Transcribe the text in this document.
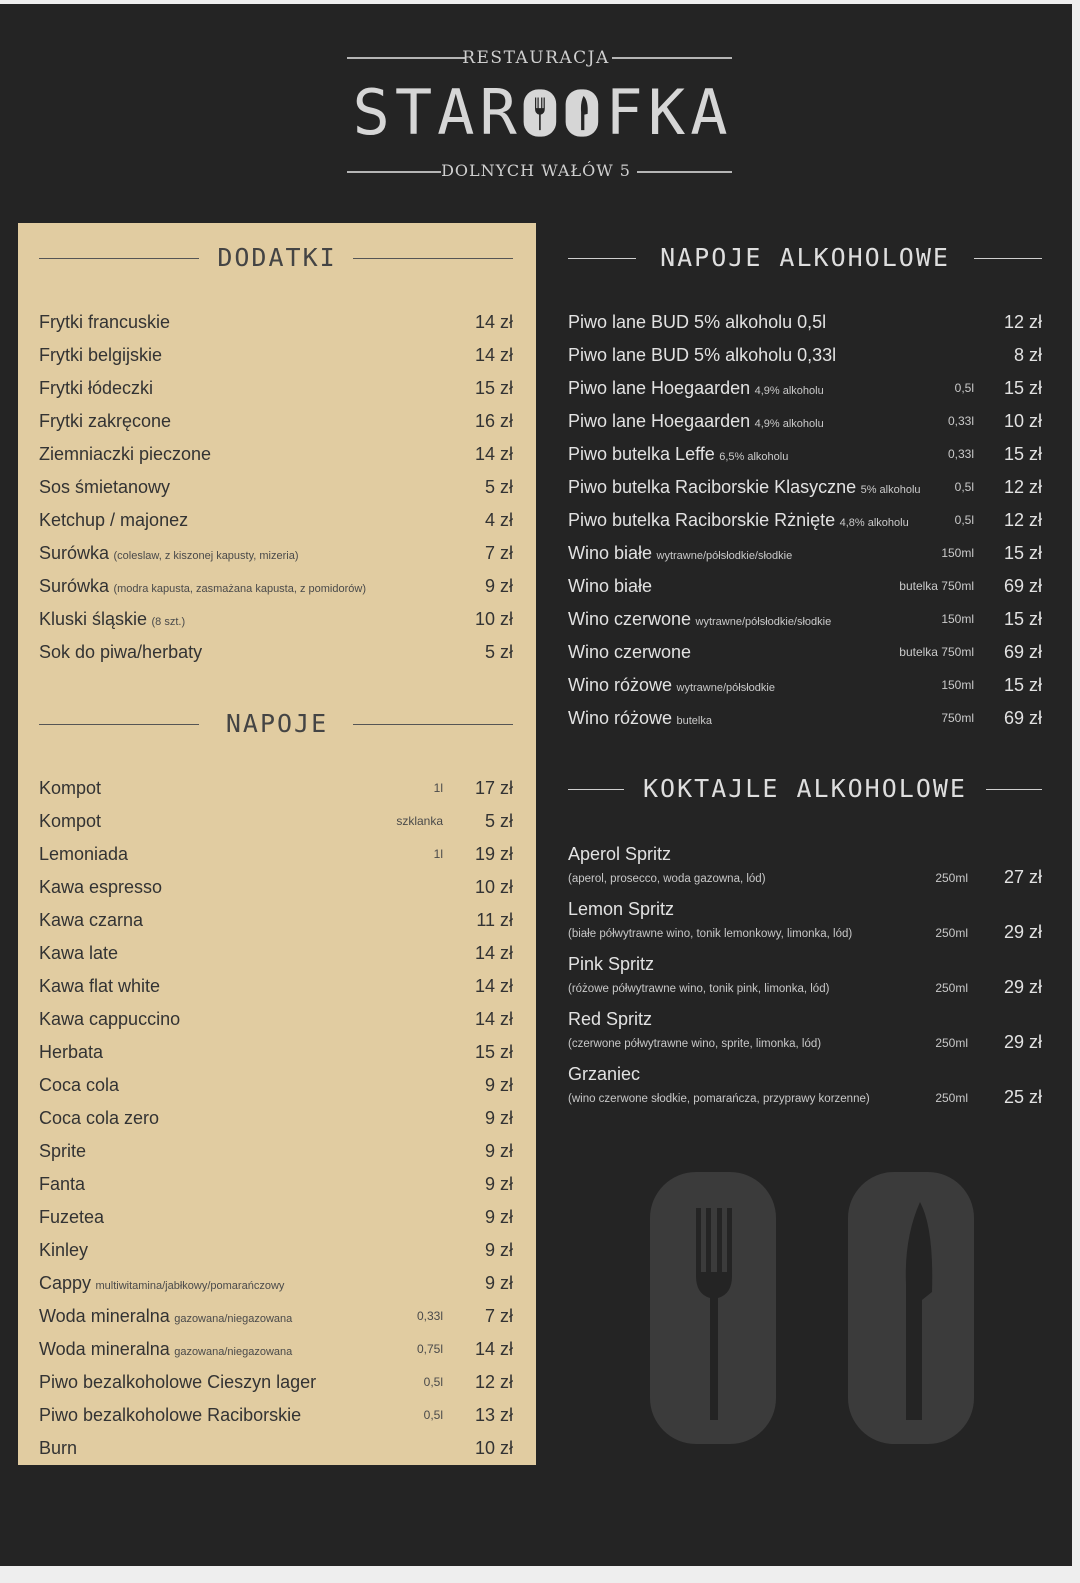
RESTAURACJA
S T A R F K A
DOLNYCH WAŁÓW 5
DODATKI
Frytki francuskie	14 zł
Frytki belgijskie	14 zł
Frytki łódeczki	15 zł
Frytki zakręcone	16 zł
Ziemniaczki pieczone	14 zł
Sos śmietanowy	5 zł
Ketchup / majonez	4 zł
Surówka (coleslaw, z kiszonej kapusty, mizeria)	7 zł
Surówka (modra kapusta, zasmażana kapusta, z pomidorów)	9 zł
Kluski śląskie (8 szt.)	10 zł
Sok do piwa/herbaty	5 zł
NAPOJE
Kompot	1l 17 zł
Kompot	szklanka 5 zł
Lemoniada	1l 19 zł
Kawa espresso	10 zł
Kawa czarna	11 zł
Kawa late	14 zł
Kawa flat white	14 zł
Kawa cappuccino	14 zł
Herbata	15 zł
Coca cola	9 zł
Coca cola zero	9 zł
Sprite	9 zł
Fanta	9 zł
Fuzetea	9 zł
Kinley	9 zł
Cappy multiwitamina/jabłkowy/pomarańczowy	9 zł
Woda mineralna gazowana/niegazowana	0,33l 7 zł
Woda mineralna gazowana/niegazowana	0,75l 14 zł
Piwo bezalkoholowe Cieszyn lager	0,5l 12 zł
Piwo bezalkoholowe Raciborskie	0,5l 13 zł
Burn	10 zł
NAPOJE ALKOHOLOWE
Piwo lane BUD 5% alkoholu 0,5l	12 zł
Piwo lane BUD 5% alkoholu 0,33l	8 zł
Piwo lane Hoegaarden 4,9% alkoholu	0,5l 15 zł
Piwo lane Hoegaarden 4,9% alkoholu	0,33l 10 zł
Piwo butelka Leffe 6,5% alkoholu	0,33l 15 zł
Piwo butelka Raciborskie Klasyczne 5% alkoholu	0,5l 12 zł
Piwo butelka Raciborskie Rżnięte 4,8% alkoholu	0,5l 12 zł
Wino białe wytrawne/półsłodkie/słodkie	150ml 15 zł
Wino białe	butelka 750ml 69 zł
Wino czerwone wytrawne/półsłodkie/słodkie	150ml 15 zł
Wino czerwone	butelka 750ml 69 zł
Wino różowe wytrawne/półsłodkie	150ml 15 zł
Wino różowe butelka	750ml 69 zł
KOKTAJLE ALKOHOLOWE
Aperol Spritz
(aperol, prosecco, woda gazowna, lód)	250ml 27 zł
Lemon Spritz
(białe półwytrawne wino, tonik lemonkowy, limonka, lód)	250ml 29 zł
Pink Spritz
(różowe półwytrawne wino, tonik pink, limonka, lód)	250ml 29 zł
Red Spritz
(czerwone półwytrawne wino, sprite, limonka, lód)	250ml 29 zł
Grzaniec
(wino czerwone słodkie, pomarańcza, przyprawy korzenne)	250ml 25 zł
